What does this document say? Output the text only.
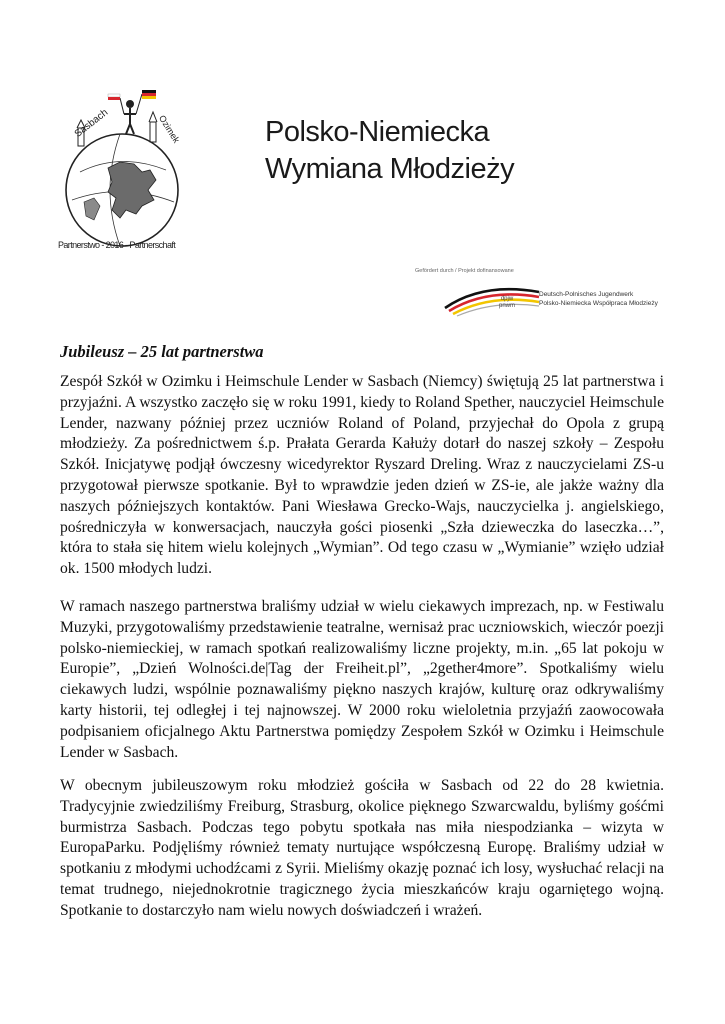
Sasbach	Ozimek
Partnerstwo - 2016 - Partnerschaft
Polsko-Niemiecka
Wymiana Młodzieży
Gefördert durch / Projekt dofinansowane
dpjw
pnwm
Deutsch-Polnisches Jugendwerk
Polsko-Niemiecka Współpraca Młodzieży
Jubileusz – 25 lat partnerstwa

Zespół Szkół w Ozimku i Heimschule Lender w Sasbach (Niemcy) świętują 25 lat partnerstwa i przyjaźni. A wszystko zaczęło się w roku 1991, kiedy to Roland Spether, nauczyciel Heimschule Lender, nazwany później przez uczniów Roland of Poland, przyjechał do Opola z grupą młodzieży. Za pośrednictwem ś.p. Prałata Gerarda Kałuży dotarł do naszej szkoły – Zespołu Szkół. Inicjatywę podjął ówczesny wicedyrektor Ryszard Dreling. Wraz z nauczycielami ZS-u przygotował pierwsze spotkanie. Był to wprawdzie jeden dzień w ZS-ie, ale jakże ważny dla naszych późniejszych kontaktów. Pani Wiesława Grecko-Wajs, nauczycielka j. angielskiego, pośredniczyła w konwersacjach, nauczyła gości piosenki „Szła dzieweczka do laseczka…”, która to stała się hitem wielu kolejnych „Wymian”. Od tego czasu w „Wymianie” wzięło udział ok. 1500 młodych ludzi.

W ramach naszego partnerstwa braliśmy udział w wielu ciekawych imprezach, np. w Festiwalu Muzyki, przygotowaliśmy przedstawienie teatralne, wernisaż prac uczniowskich, wieczór poezji polsko-niemieckiej, w ramach spotkań realizowaliśmy liczne projekty, m.in. „65 lat pokoju w Europie”, „Dzień Wolności.de|Tag der Freiheit.pl”, „2gether4more”. Spotkaliśmy wielu ciekawych ludzi, wspólnie poznawaliśmy piękno naszych krajów, kulturę oraz odkrywaliśmy karty historii, tej odległej i tej najnowszej. W 2000 roku wieloletnia przyjaźń zaowocowała podpisaniem oficjalnego Aktu Partnerstwa pomiędzy Zespołem Szkół w Ozimku i Heimschule Lender w Sasbach.

W obecnym jubileuszowym roku młodzież gościła w Sasbach od 22 do 28 kwietnia. Tradycyjnie zwiedziliśmy Freiburg, Strasburg, okolice pięknego Szwarcwaldu, byliśmy gośćmi burmistrza Sasbach. Podczas tego pobytu spotkała nas miła niespodzianka – wizyta w EuropaParku. Podjęliśmy również tematy nurtujące współczesną Europę. Braliśmy udział w spotkaniu z młodymi uchodźcami z Syrii. Mieliśmy okazję poznać ich losy, wysłuchać relacji na temat trudnego, niejednokrotnie tragicznego życia mieszkańców kraju ogarniętego wojną. Spotkanie to dostarczyło nam wielu nowych doświadczeń i wrażeń.
